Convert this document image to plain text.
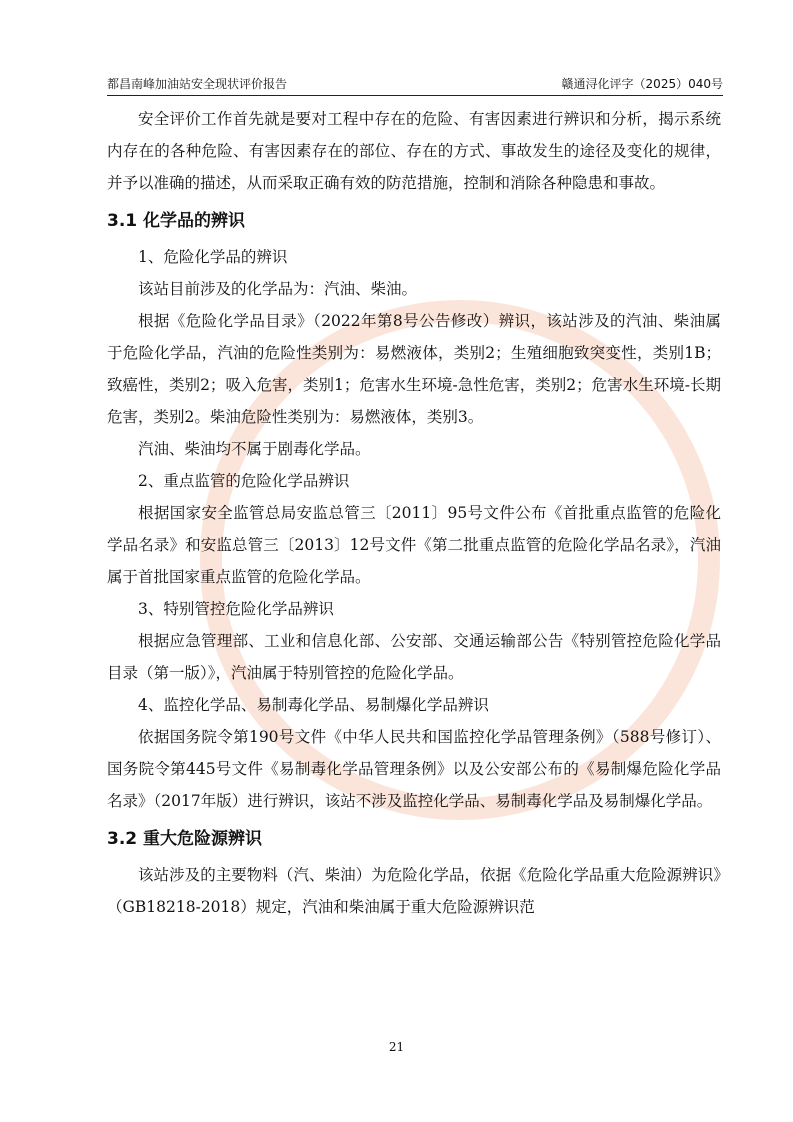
都昌南峰加油站安全现状评价报告	赣通浔化评字（2025）040号

安全评价工作首先就是要对工程中存在的危险、有害因素进行辨识和分析，揭示系统内存在的各种危险、有害因素存在的部位、存在的方式、事故发生的途径及变化的规律，并予以准确的描述，从而采取正确有效的防范措施，控制和消除各种隐患和事故。

3.1 化学品的辨识

1、危险化学品的辨识

该站目前涉及的化学品为：汽油、柴油。

根据《危险化学品目录》（2022年第8号公告修改）辨识，该站涉及的汽油、柴油属于危险化学品，汽油的危险性类别为：易燃液体，类别2；生殖细胞致突变性，类别1B；致癌性，类别2；吸入危害，类别1；危害水生环境-急性危害，类别2；危害水生环境-长期危害，类别2。柴油危险性类别为：易燃液体，类别3。

汽油、柴油均不属于剧毒化学品。

2、重点监管的危险化学品辨识

根据国家安全监管总局安监总管三〔2011〕95号文件公布《首批重点监管的危险化学品名录》和安监总管三〔2013〕12号文件《第二批重点监管的危险化学品名录》，汽油属于首批国家重点监管的危险化学品。

3、特别管控危险化学品辨识

根据应急管理部、工业和信息化部、公安部、交通运输部公告《特别管控危险化学品目录（第一版）》，汽油属于特别管控的危险化学品。

4、监控化学品、易制毒化学品、易制爆化学品辨识

依据国务院令第190号文件《中华人民共和国监控化学品管理条例》（588号修订）、国务院令第445号文件《易制毒化学品管理条例》以及公安部公布的《易制爆危险化学品名录》（2017年版）进行辨识，该站不涉及监控化学品、易制毒化学品及易制爆化学品。

3.2 重大危险源辨识

该站涉及的主要物料（汽、柴油）为危险化学品，依据《危险化学品重大危险源辨识》（GB18218-2018）规定，汽油和柴油属于重大危险源辨识范

21
